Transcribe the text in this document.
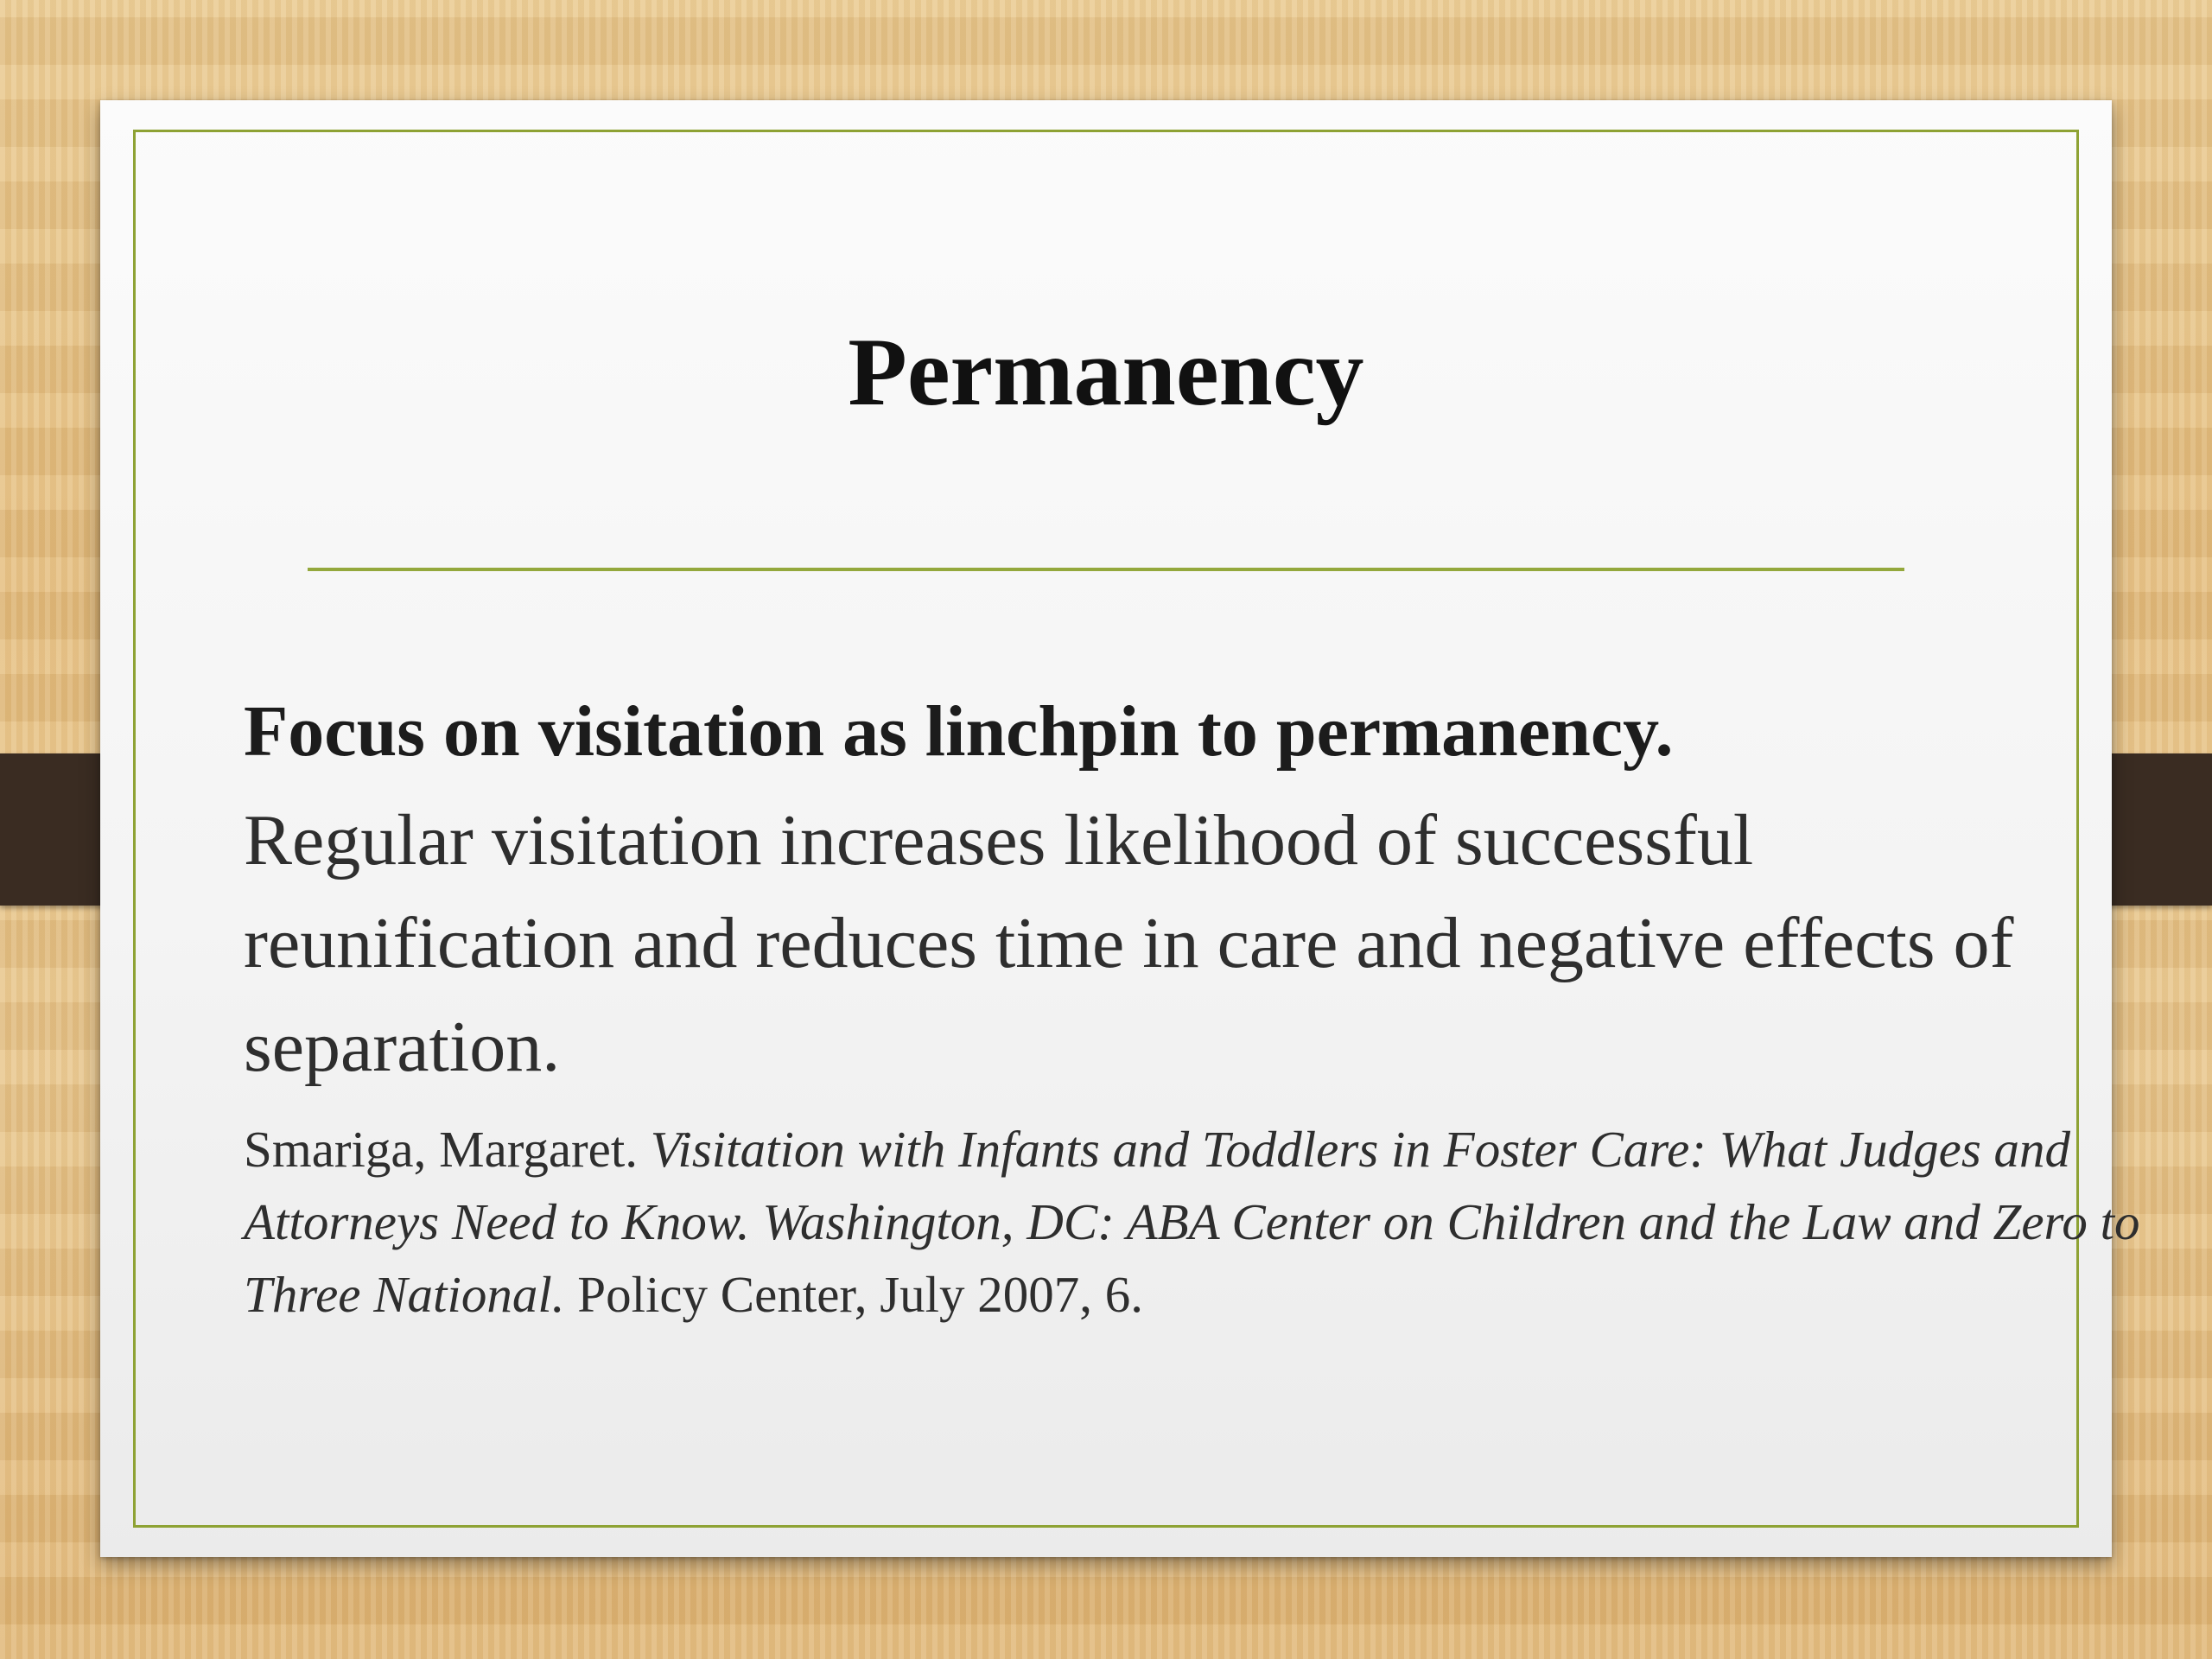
Permanency

Focus on visitation as linchpin to permanency.

Regular visitation increases likelihood of successful reunification and reduces time in care and negative effects of separation.

Smariga, Margaret. Visitation with Infants and Toddlers in Foster Care: What Judges and Attorneys Need to Know. Washington, DC: ABA Center on Children and the Law and Zero to Three National. Policy Center, July 2007, 6.
